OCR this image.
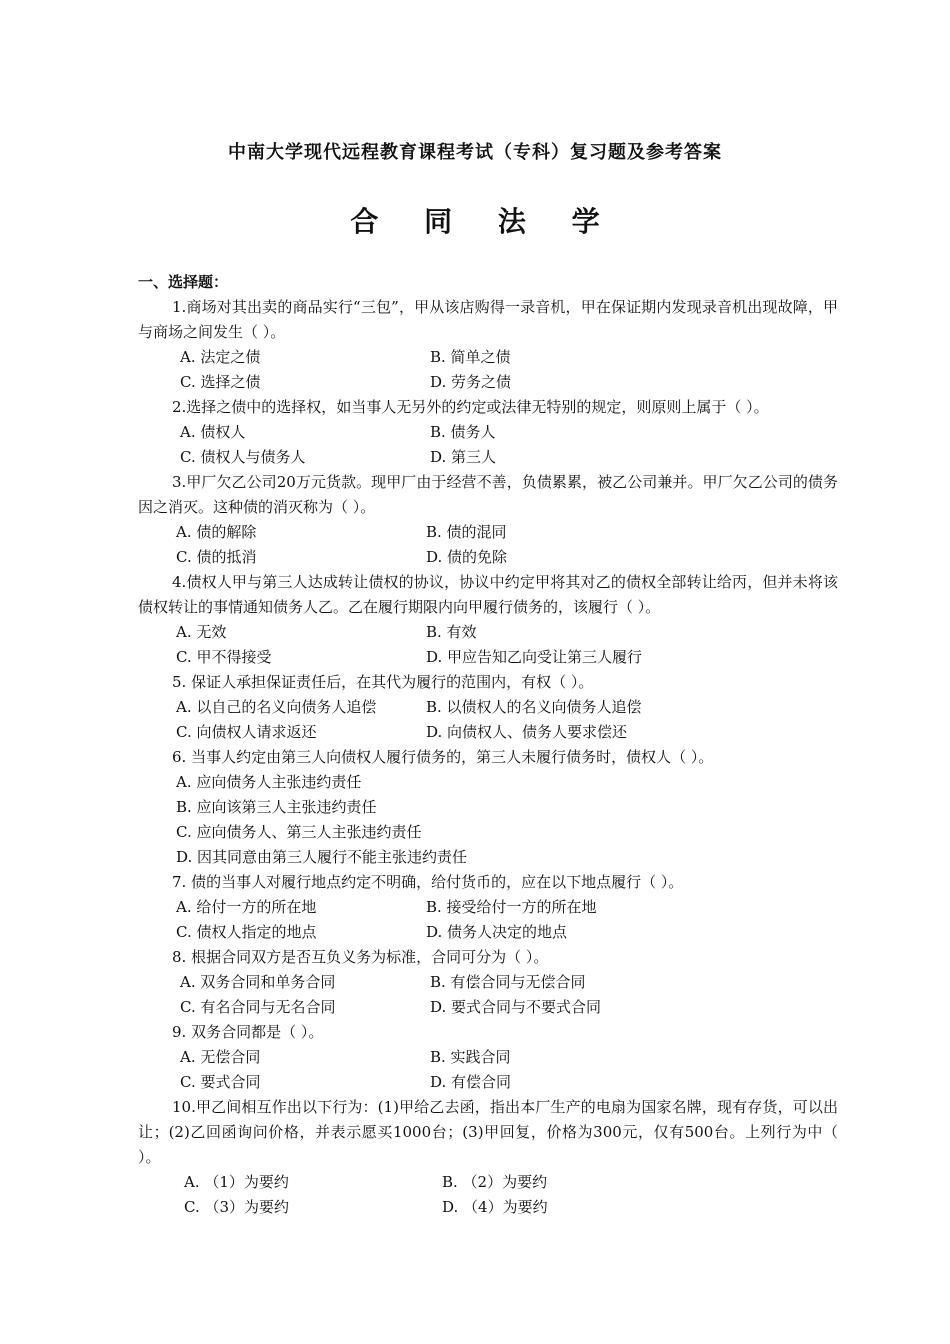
中南大学现代远程教育课程考试（专科）复习题及参考答案
合 同 法 学
一、选择题：
1.商场对其出卖的商品实行“三包”，甲从该店购得一录音机，甲在保证期内发现录音机出现故障，甲与商场之间发生（ ）。
A. 法定之债	B. 简单之债
C. 选择之债	D. 劳务之债
2.选择之债中的选择权，如当事人无另外的约定或法律无特别的规定，则原则上属于（ ）。
A. 债权人	B. 债务人
C. 债权人与债务人	D. 第三人
3.甲厂欠乙公司20万元货款。现甲厂由于经营不善，负债累累，被乙公司兼并。甲厂欠乙公司的债务因之消灭。这种债的消灭称为（ ）。
A. 债的解除	B. 债的混同
C. 债的抵消	D. 债的免除
4.债权人甲与第三人达成转让债权的协议，协议中约定甲将其对乙的债权全部转让给丙，但并未将该债权转让的事情通知债务人乙。乙在履行期限内向甲履行债务的，该履行（ ）。
A. 无效	B. 有效
C. 甲不得接受	D. 甲应告知乙向受让第三人履行
5. 保证人承担保证责任后，在其代为履行的范围内，有权（ ）。
A. 以自己的名义向债务人追偿	B. 以债权人的名义向债务人追偿
C. 向债权人请求返还	D. 向债权人、债务人要求偿还
6. 当事人约定由第三人向债权人履行债务的，第三人未履行债务时，债权人（ ）。
A. 应向债务人主张违约责任
B. 应向该第三人主张违约责任
C. 应向债务人、第三人主张违约责任
D. 因其同意由第三人履行不能主张违约责任
7. 债的当事人对履行地点约定不明确，给付货币的，应在以下地点履行（ ）。
A. 给付一方的所在地	B. 接受给付一方的所在地
C. 债权人指定的地点	D. 债务人决定的地点
8. 根据合同双方是否互负义务为标准，合同可分为（ ）。
A. 双务合同和单务合同	B. 有偿合同与无偿合同
C. 有名合同与无名合同	D. 要式合同与不要式合同
9. 双务合同都是（ ）。
A. 无偿合同	B. 实践合同
C. 要式合同	D. 有偿合同
10.甲乙间相互作出以下行为：(1)甲给乙去函，指出本厂生产的电扇为国家名牌，现有存货，可以出让；(2)乙回函询问价格，并表示愿买1000台；(3)甲回复，价格为300元，仅有500台。上列行为中（ ）。
A. （1）为要约	B. （2）为要约
C. （3）为要约	D. （4）为要约
